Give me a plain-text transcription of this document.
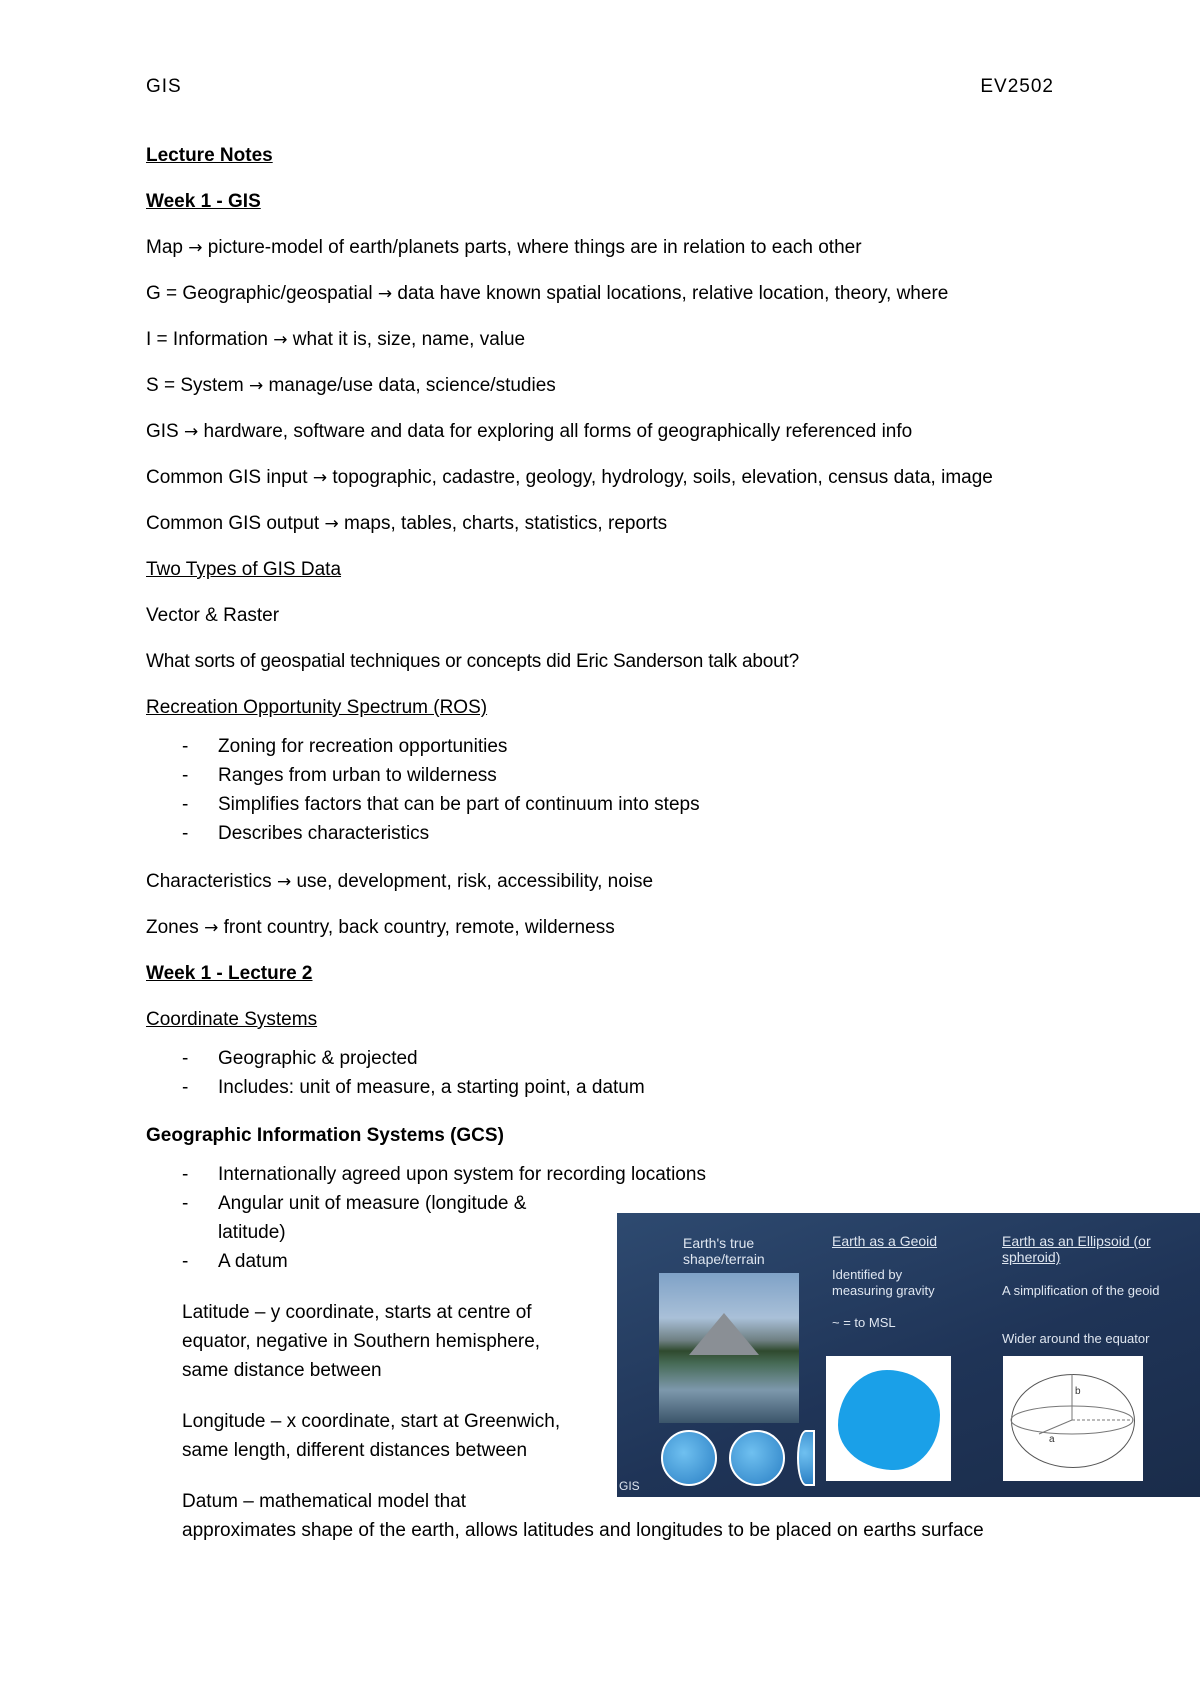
GIS	EV2502
Lecture Notes
Week 1 - GIS
Map → picture-model of earth/planets parts, where things are in relation to each other
G = Geographic/geospatial → data have known spatial locations, relative location, theory, where
I = Information → what it is, size, name, value
S = System → manage/use data, science/studies
GIS → hardware, software and data for exploring all forms of geographically referenced info
Common GIS input → topographic, cadastre, geology, hydrology, soils, elevation, census data, image
Common GIS output → maps, tables, charts, statistics, reports
Two Types of GIS Data
Vector & Raster
What sorts of geospatial techniques or concepts did Eric Sanderson talk about?
Recreation Opportunity Spectrum (ROS)
- Zoning for recreation opportunities
- Ranges from urban to wilderness
- Simplifies factors that can be part of continuum into steps
- Describes characteristics
Characteristics → use, development, risk, accessibility, noise
Zones → front country, back country, remote, wilderness
Week 1 - Lecture 2
Coordinate Systems
- Geographic & projected
- Includes: unit of measure, a starting point, a datum
Geographic Information Systems (GCS)
- Internationally agreed upon system for recording locations
- Angular unit of measure (longitude & latitude)
- A datum
Latitude – y coordinate, starts at centre of equator, negative in Southern hemisphere, same distance between
Longitude – x coordinate, start at Greenwich, same length, different distances between
Datum – mathematical model that
approximates shape of the earth, allows latitudes and longitudes to be placed on earths surface
Earth's true shape/terrain
GIS
Earth as a Geoid
Identified by measuring gravity
~ = to MSL
Earth as an Ellipsoid (or spheroid)
A simplification of the geoid
Wider around the equator
b
a
